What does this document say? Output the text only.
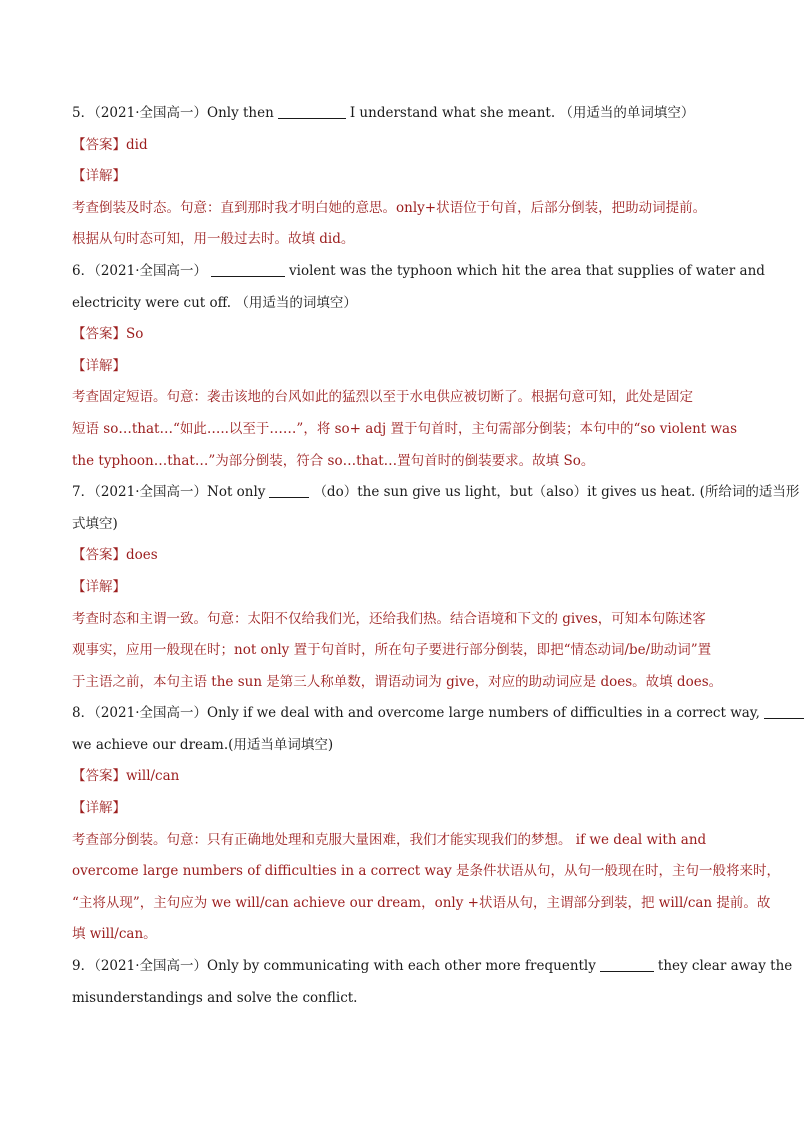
5．（2021·全国高一）Only then	I understand what she meant. （用适当的单词填空）
【答案】did
【详解】
考查倒装及时态。句意：直到那时我才明白她的意思。only+状语位于句首，后部分倒装，把助动词提前。
根据从句时态可知，用一般过去时。故填 did。
6．（2021·全国高一）	violent was the typhoon which hit the area that supplies of water and
electricity were cut off. （用适当的词填空）
【答案】So
【详解】
考查固定短语。句意：袭击该地的台风如此的猛烈以至于水电供应被切断了。根据句意可知，此处是固定
短语 so…that…“如此…..以至于……”，将 so+ adj 置于句首时，主句需部分倒装；本句中的“so violent was
the typhoon…that…”为部分倒装，符合 so…that…置句首时的倒装要求。故填 So。
7．（2021·全国高一）Not only	（do）the sun give us light，but（also）it gives us heat. (所给词的适当形
式填空)
【答案】does
【详解】
考查时态和主谓一致。句意：太阳不仅给我们光，还给我们热。结合语境和下文的 gives，可知本句陈述客
观事实，应用一般现在时；not only 置于句首时，所在句子要进行部分倒装，即把“情态动词/be/助动词”置
于主语之前，本句主语 the sun 是第三人称单数，谓语动词为 give，对应的助动词应是 does。故填 does。
8．（2021·全国高一）Only if we deal with and overcome large numbers of difficulties in a correct way,
we achieve our dream.(用适当单词填空)
【答案】will/can
【详解】
考查部分倒装。句意：只有正确地处理和克服大量困难，我们才能实现我们的梦想。 if we deal with and
overcome large numbers of difficulties in a correct way 是条件状语从句，从句一般现在时，主句一般将来时，
“主将从现”，主句应为 we will/can achieve our dream，only +状语从句，主谓部分到装，把 will/can 提前。故
填 will/can。
9．（2021·全国高一）Only by communicating with each other more frequently	they clear away the
misunderstandings and solve the conflict.
